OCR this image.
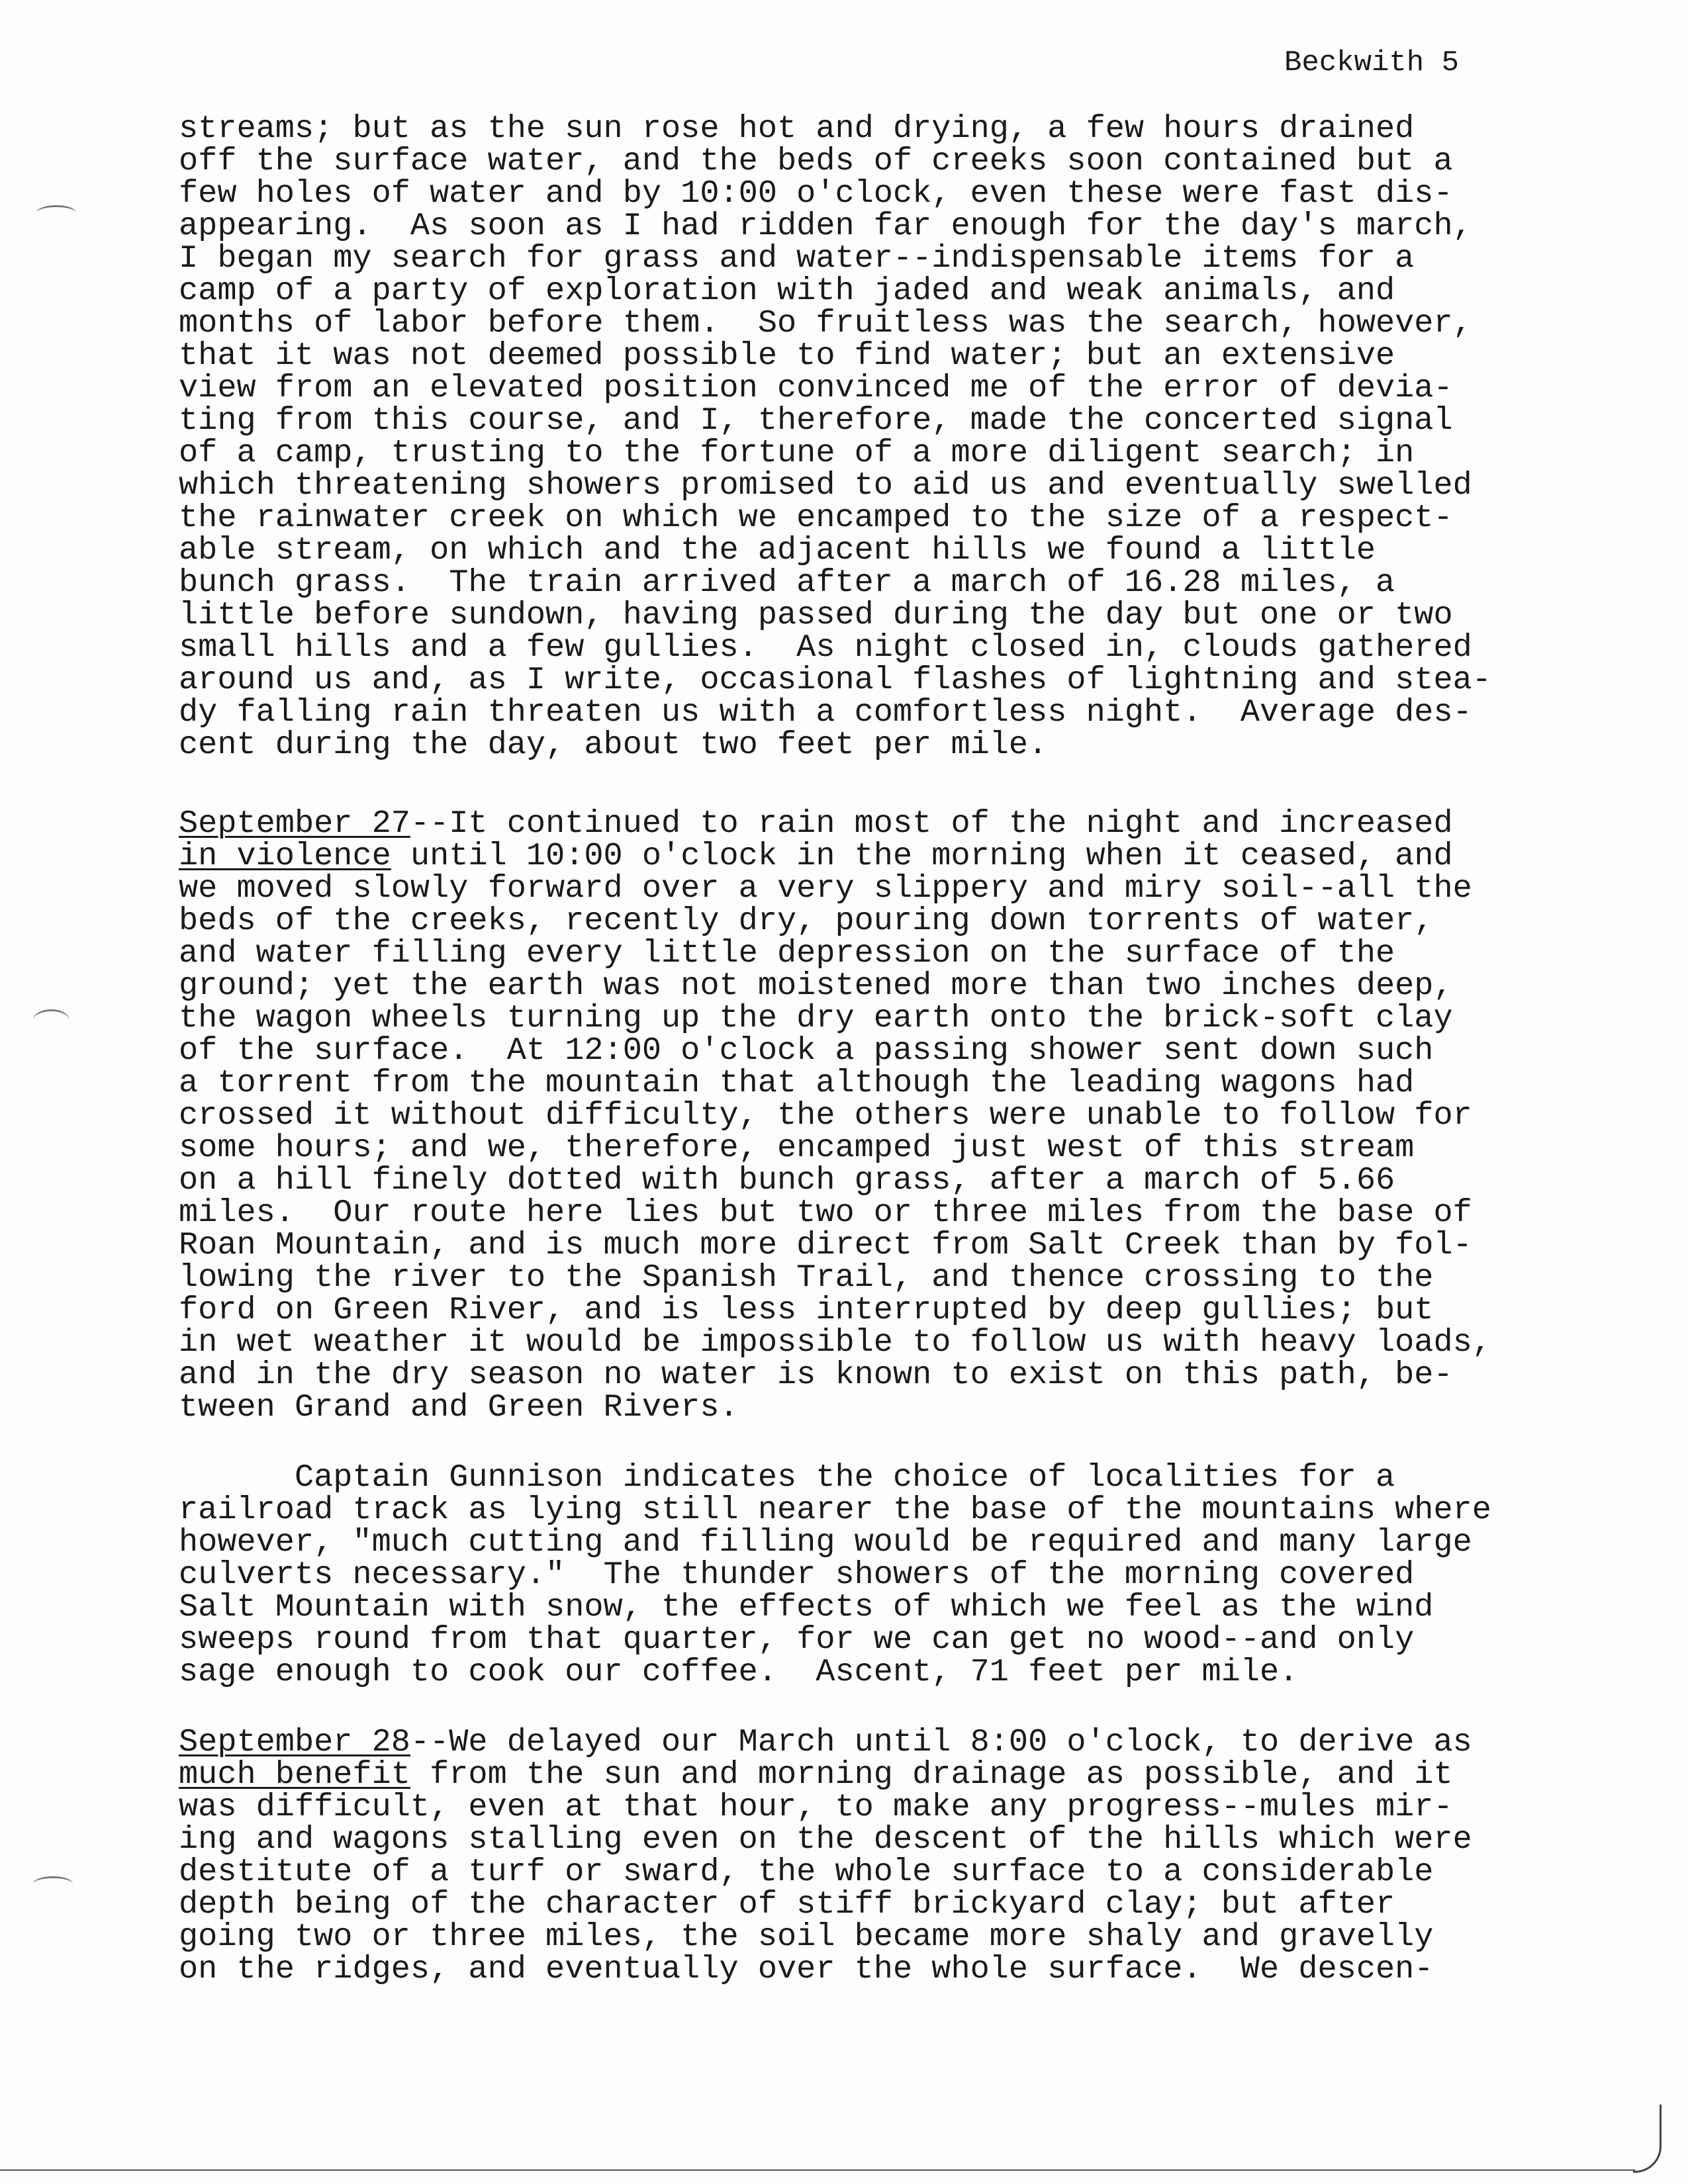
Beckwith 5
streams; but as the sun rose hot and drying, a few hours drained
off the surface water, and the beds of creeks soon contained but a
few holes of water and by 10:00 o'clock, even these were fast dis-
appearing.  As soon as I had ridden far enough for the day's march,
I began my search for grass and water--indispensable items for a
camp of a party of exploration with jaded and weak animals, and
months of labor before them.  So fruitless was the search, however,
that it was not deemed possible to find water; but an extensive
view from an elevated position convinced me of the error of devia-
ting from this course, and I, therefore, made the concerted signal
of a camp, trusting to the fortune of a more diligent search; in
which threatening showers promised to aid us and eventually swelled
the rainwater creek on which we encamped to the size of a respect-
able stream, on which and the adjacent hills we found a little
bunch grass.  The train arrived after a march of 16.28 miles, a
little before sundown, having passed during the day but one or two
small hills and a few gullies.  As night closed in, clouds gathered
around us and, as I write, occasional flashes of lightning and stea-
dy falling rain threaten us with a comfortless night.  Average des-
cent during the day, about two feet per mile.
September 27--It continued to rain most of the night and increased
in violence until 10:00 o'clock in the morning when it ceased, and
we moved slowly forward over a very slippery and miry soil--all the
beds of the creeks, recently dry, pouring down torrents of water,
and water filling every little depression on the surface of the
ground; yet the earth was not moistened more than two inches deep,
the wagon wheels turning up the dry earth onto the brick-soft clay
of the surface.  At 12:00 o'clock a passing shower sent down such
a torrent from the mountain that although the leading wagons had
crossed it without difficulty, the others were unable to follow for
some hours; and we, therefore, encamped just west of this stream
on a hill finely dotted with bunch grass, after a march of 5.66
miles.  Our route here lies but two or three miles from the base of
Roan Mountain, and is much more direct from Salt Creek than by fol-
lowing the river to the Spanish Trail, and thence crossing to the
ford on Green River, and is less interrupted by deep gullies; but
in wet weather it would be impossible to follow us with heavy loads,
and in the dry season no water is known to exist on this path, be-
tween Grand and Green Rivers.
Captain Gunnison indicates the choice of localities for a
railroad track as lying still nearer the base of the mountains where
however, "much cutting and filling would be required and many large
culverts necessary."  The thunder showers of the morning covered
Salt Mountain with snow, the effects of which we feel as the wind
sweeps round from that quarter, for we can get no wood--and only
sage enough to cook our coffee.  Ascent, 71 feet per mile.
September 28--We delayed our March until 8:00 o'clock, to derive as
much benefit from the sun and morning drainage as possible, and it
was difficult, even at that hour, to make any progress--mules mir-
ing and wagons stalling even on the descent of the hills which were
destitute of a turf or sward, the whole surface to a considerable
depth being of the character of stiff brickyard clay; but after
going two or three miles, the soil became more shaly and gravelly
on the ridges, and eventually over the whole surface.  We descen-
